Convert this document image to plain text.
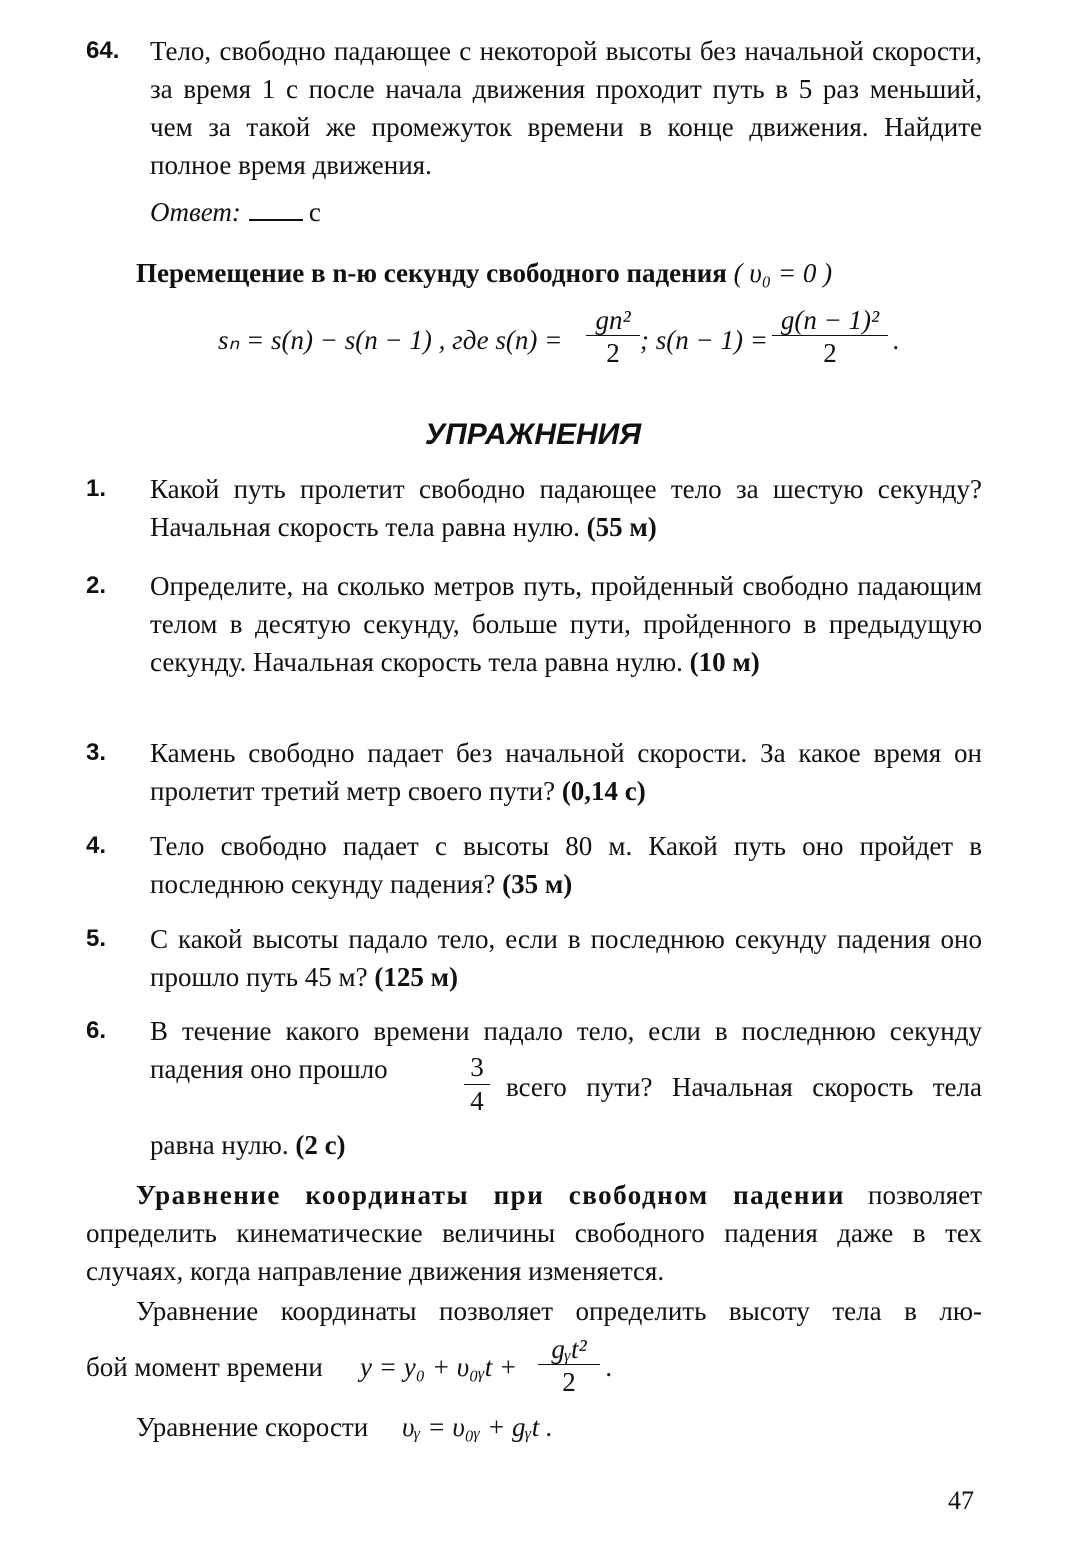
64. Тело, свободно падающее с некоторой высоты без начальной скорости, за время 1 с после начала движения проходит путь в 5 раз меньший, чем за такой же промежуток времени в конце движения. Найдите полное время движения.
Ответ:	с
Перемещение в n-ю секунду свободного падения ( υ₀ = 0 )
sₙ = s(n) − s(n − 1) , где $s(n) = \frac{\text{gn²}}{2}$ ; $s(n - 1) = \frac{\text{g(n − 1)²}}{2}$ .
УПРАЖНЕНИЯ
1. Какой путь пролетит свободно падающее тело за шестую секунду? Начальная скорость тела равна нулю. (55 м)
2. Определите, на сколько метров путь, пройденный свободно падающим телом в десятую секунду, больше пути, пройденного в предыдущую секунду. Начальная скорость тела равна нулю. (10 м)
3. Камень свободно падает без начальной скорости. За какое время он пролетит третий метр своего пути? (0,14 с)
4. Тело свободно падает с высоты 80 м. Какой путь оно пройдет в последнюю секунду падения? (35 м)
5. С какой высоты падало тело, если в последнюю секунду падения оно прошло путь 45 м? (125 м)
6. В течение какого времени падало тело, если в последнюю секунду падения оно прошло	$\frac{3}{4}$ всего пути? Начальная скорость тела
равна нулю. (2 с)
Уравнение координаты при свободном падении позволяет определить кинематические величины свободного падения даже в тех случаях, когда направление движения изменяется.
Уравнение координаты позволяет определить высоту тела в лю-
бой момент времени y = y₀ + υ₀ᵧt +
gᵧt²
2	.
Уравнение скорости υᵧ = υ₀ᵧ + gᵧt .
47
